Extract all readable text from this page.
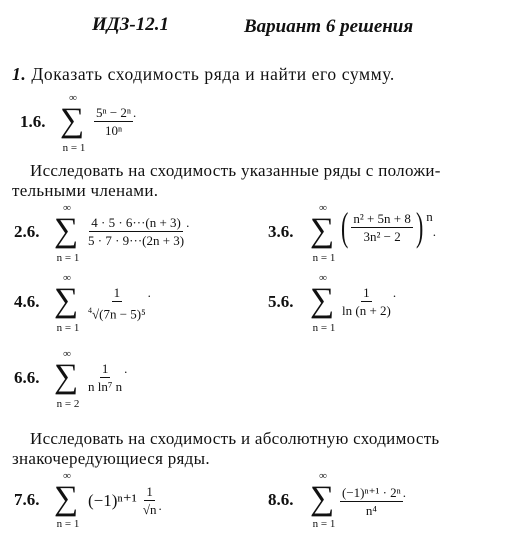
ИДЗ-12.1	Вариант 6 решения
1. Доказать сходимость ряда и найти его сумму.
1.6.
∞
∑
n = 1
$\frac{\text{5ⁿ − 2ⁿ}}{\text{10ⁿ}}$ .
Исследовать на сходимость указанные ряды с положи-
тельными членами.
2.6.
∞
∑
n = 1
$\frac{4 \cdot 5 \cdot 6\cdot\cdot\cdot(n + 3)}{5 \cdot 7 \cdot 9\cdot\cdot\cdot(2n + 3)}$ .	3.6.
∞
∑
n = 1
( $\frac{\text{n² + 5n + 8}}{\text{3n² − 2}}$ ) n
.
4.6.
∞
∑
n = 1
$\frac{1}{^4√(7n - 5)^5}$ .	5.6.
∞
∑
n = 1
$\frac{1}{\ln (n + 2)}$ .
6.6.
∞
∑
n = 2
$\frac{1}{\text{n ln⁷ n}}$ .
Исследовать на сходимость и абсолютную сходимость
знакочередующиеся ряды.
7.6.
∞
∑
n = 1
$(-1)^{n+1} \frac{1}{√n}$ .	8.6.
∞
∑
n = 1
$\frac{\text{(−1)ⁿ⁺¹ · 2ⁿ}}{\text{n⁴}}$ .
